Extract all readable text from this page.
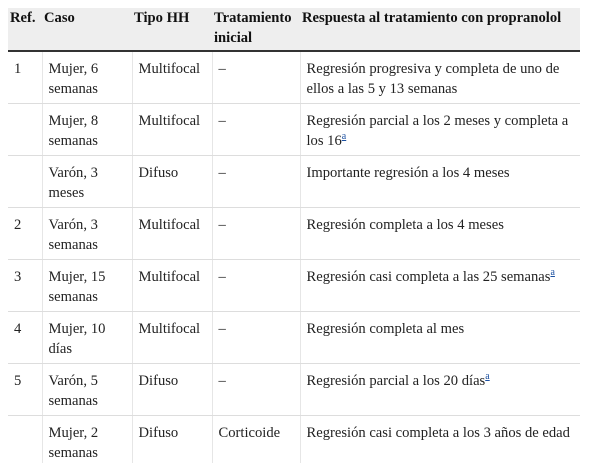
Ref.	Caso	Tipo HH	Tratamiento inicial	Respuesta al tratamiento con propranolol
1	Mujer, 6 semanas	Multifocal	–	Regresión progresiva y completa de uno de ellos a las 5 y 13 semanas
	Mujer, 8 semanas	Multifocal	–	Regresión parcial a los 2 meses y completa a los 16$^a$
	Varón, 3 meses	Difuso	–	Importante regresión a los 4 meses
2	Varón, 3 semanas	Multifocal	–	Regresión completa a los 4 meses
3	Mujer, 15 semanas	Multifocal	–	Regresión casi completa a las 25 semanas$^a$
4	Mujer, 10 días	Multifocal	–	Regresión completa al mes
5	Varón, 5 semanas	Difuso	–	Regresión parcial a los 20 días$^a$
	Mujer, 2 semanas	Difuso	Corticoide	Regresión casi completa a los 3 años de edad
